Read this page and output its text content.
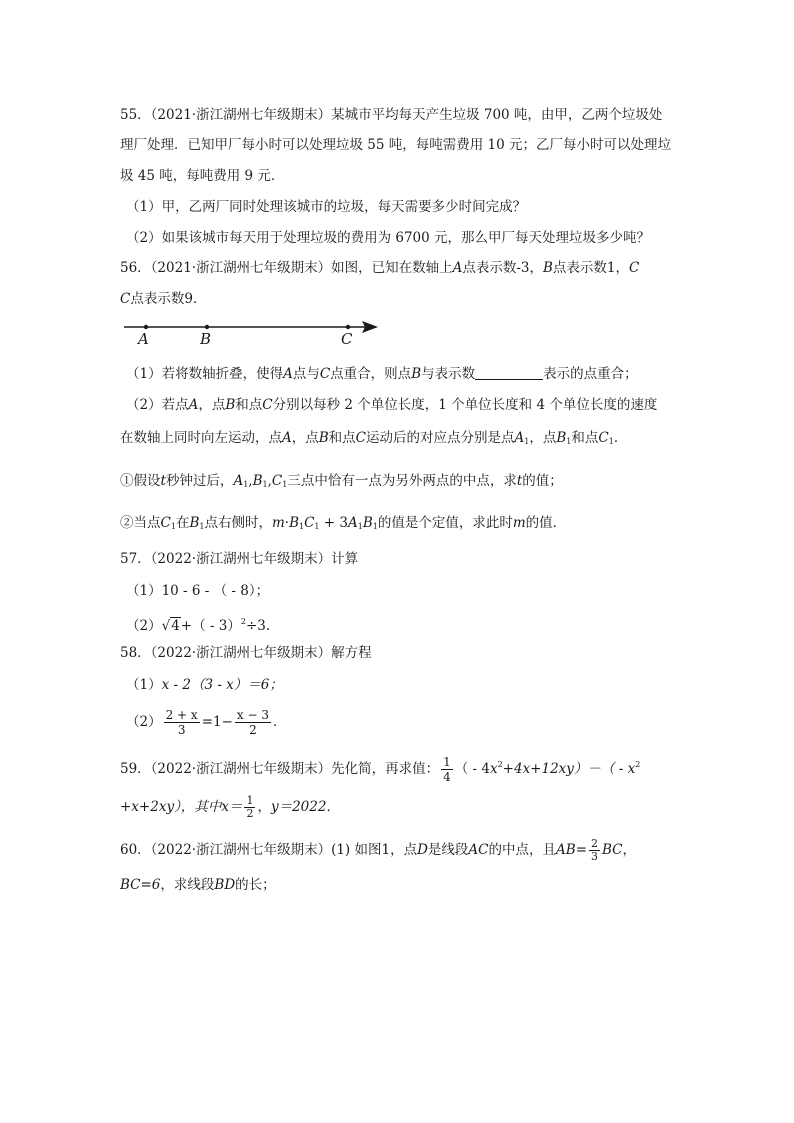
55．（2021·浙江湖州七年级期末）某城市平均每天产生垃圾 700 吨，由甲，乙两个垃圾处
理厂处理．已知甲厂每小时可以处理垃圾 55 吨，每吨需费用 10 元；乙厂每小时可以处理垃
圾 45 吨，每吨费用 9 元．
（1）甲，乙两厂同时处理该城市的垃圾，每天需要多少时间完成？
（2）如果该城市每天用于处理垃圾的费用为 6700 元，那么甲厂每天处理垃圾多少吨？
56．（2021·浙江湖州七年级期末）如图，已知在数轴上A点表示数-3，B点表示数1，C
C点表示数9．
A	B	C
（1）若将数轴折叠，使得A点与C点重合，则点B与表示数	表示的点重合；
（2）若点A，点B和点C分别以每秒 2 个单位长度，1 个单位长度和 4 个单位长度的速度
在数轴上同时向左运动，点A，点B和点C运动后的对应点分别是点$A_1$，点$B_1$和点$C_1$．
①假设t秒钟过后，$A_1,B_1,C_1$三点中恰有一点为另外两点的中点，求t的值；
②当点$C_1$在$B_1$点右侧时，$m\cdot B_1C_1 + 3A_1B_1$的值是个定值，求此时m的值．
57．（2022·浙江湖州七年级期末）计算
（1）10 - 6 - （ - 8）；
（2）√4+（ - 3）$^2$÷3.
58．（2022·浙江湖州七年级期末）解方程
（1）x - 2（3 - x）＝6；
$(2) \frac{2 + x}{3} =1- \frac{x - 3}{2}$ ．
59．（2022·浙江湖州七年级期末）先化简，再求值： $\frac{1}{4}$ （ - $4x^2+4x+12xy)-( - x^2$
+x+2xy），其中$x= \frac{1}{2}$ ，y＝2022．
60．（2022·浙江湖州七年级期末）(1) 如图1，点D是线段AC的中点，且$AB= \frac{2}{3}$ BC，
BC=6，求线段BD的长；
